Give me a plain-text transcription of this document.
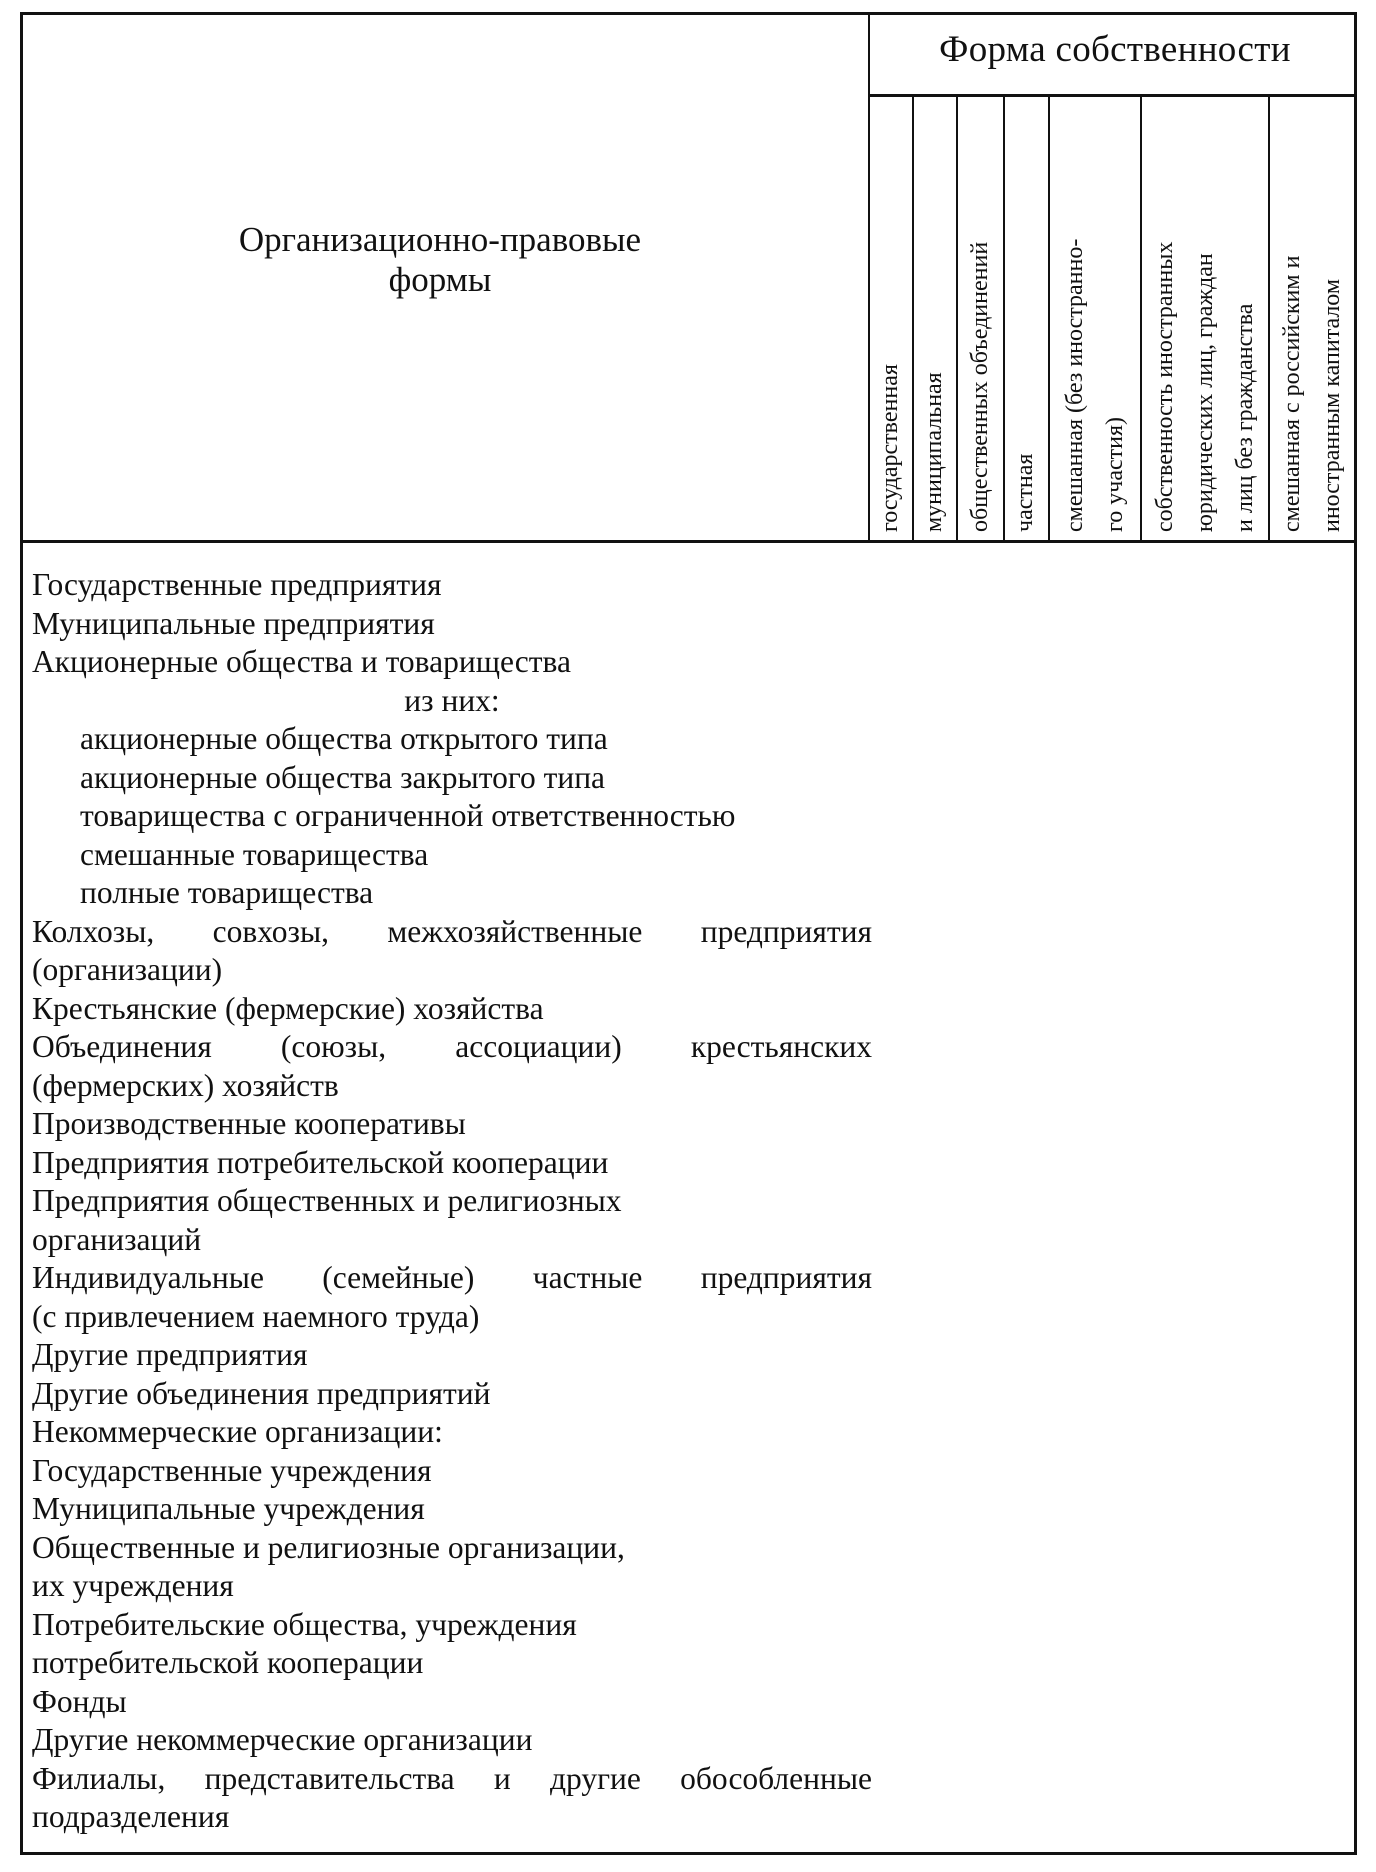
Организационно-правовые
формы
Форма собственности
государственная муниципальная общественных объединений частная	смешанная (без иностранно-
го участия)	собственность иностранных
юридических лиц, граждан
и лиц без гражданства
смешанная с российским и
иностранным капиталом
Государственные предприятия
Муниципальные предприятия
Акционерные общества и товарищества
из них:
акционерные общества открытого типа
акционерные общества закрытого типа
товарищества с ограниченной ответственностью
смешанные товарищества
полные товарищества
Колхозы, совхозы, межхозяйственные предприятия
(организации)
Крестьянские (фермерские) хозяйства
Объединения (союзы, ассоциации) крестьянских
(фермерских) хозяйств
Производственные кооперативы
Предприятия потребительской кооперации
Предприятия общественных и религиозных
организаций
Индивидуальные (семейные) частные предприятия
(с привлечением наемного труда)
Другие предприятия
Другие объединения предприятий
Некоммерческие организации:
Государственные учреждения
Муниципальные учреждения
Общественные и религиозные организации,
их учреждения
Потребительские общества, учреждения
потребительской кооперации
Фонды
Другие некоммерческие организации
Филиалы, представительства и другие обособленные
подразделения
